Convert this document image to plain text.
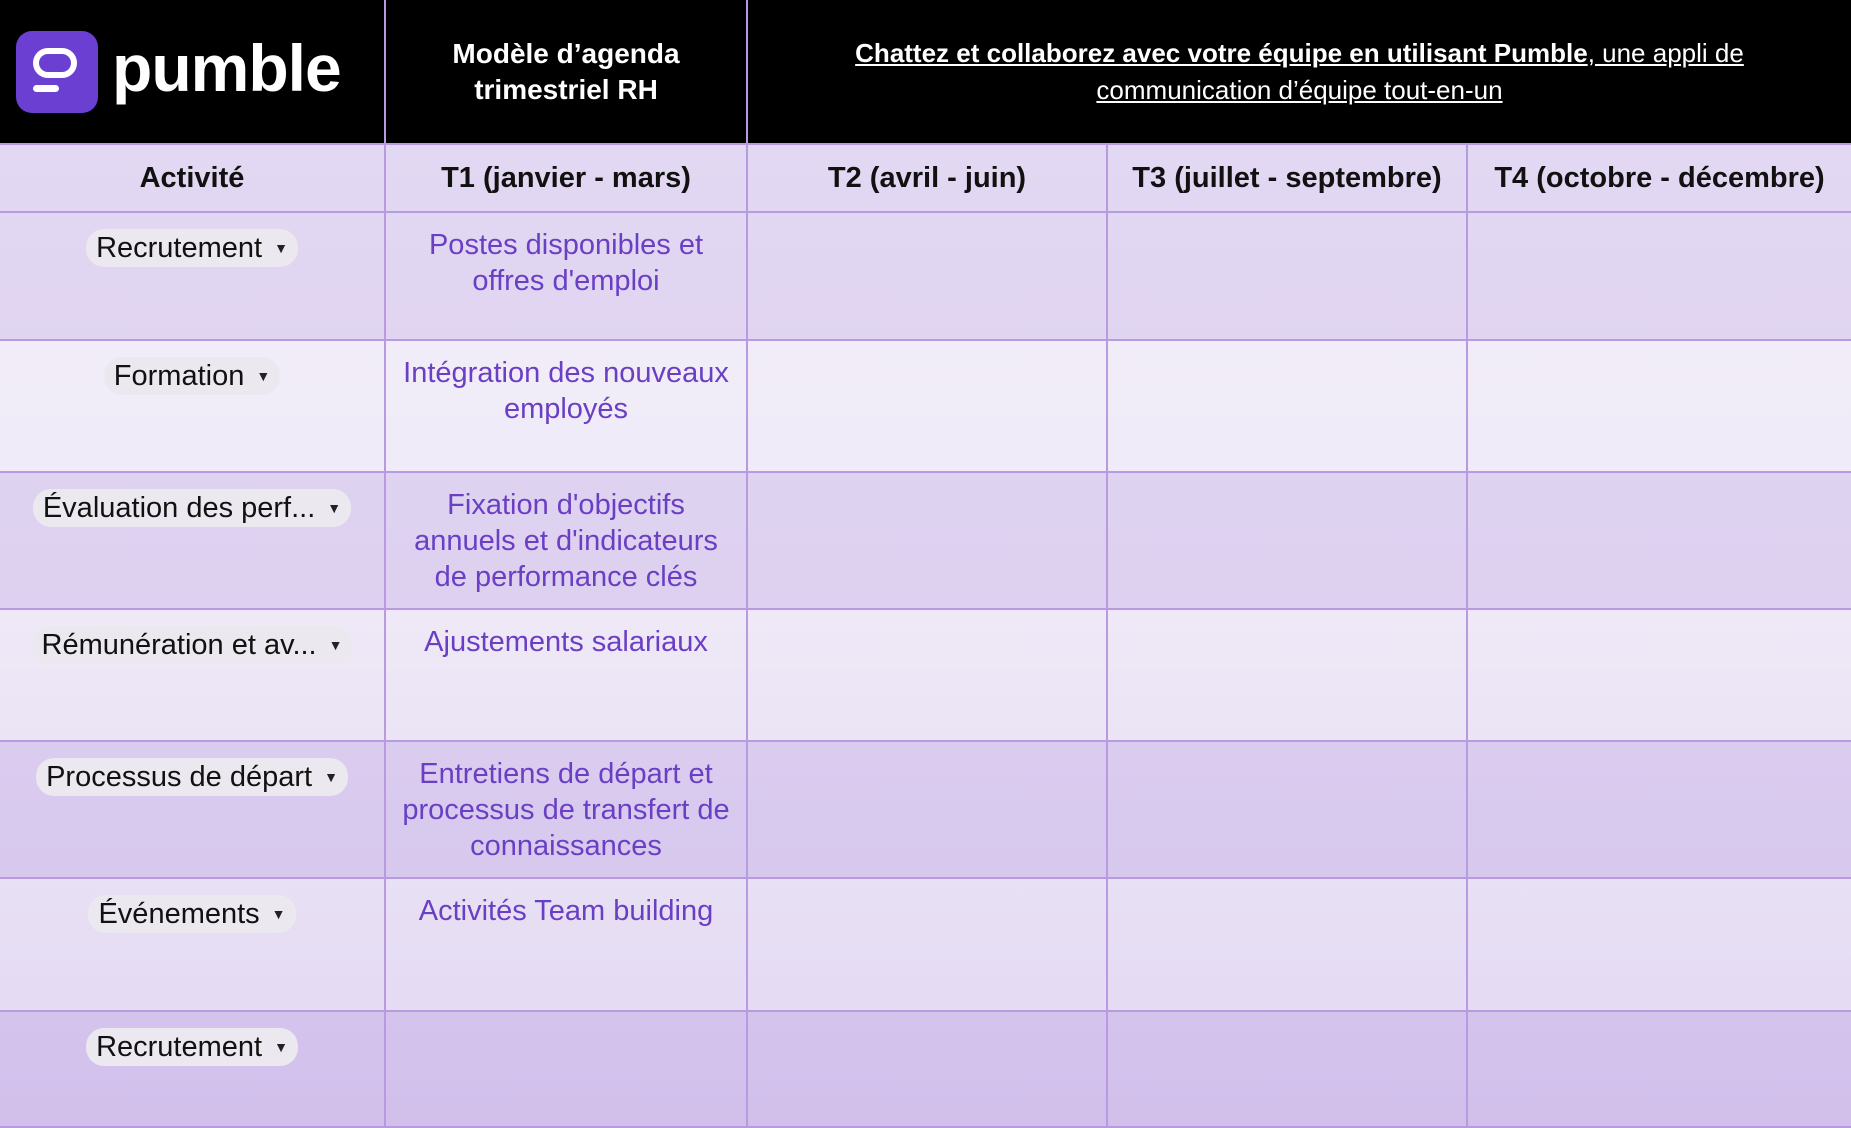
pumble	Modèle d’agenda trimestriel RH
Chattez et collaborez avec votre équipe en utilisant Pumble, une appli de communication d’équipe tout-en-un
Activité	T1 (janvier - mars)	T2 (avril - juin)	T3 (juillet - septembre)	T4 (octobre - décembre)
Recrutement ▼	Postes disponibles et offres d'emploi
Formation ▼	Intégration des nouveaux employés
Évaluation des perf... ▼	Fixation d'objectifs annuels et d'indicateurs de performance clés
Rémunération et av... ▼	Ajustements salariaux
Processus de départ ▼	Entretiens de départ et processus de transfert de connaissances
Événements ▼	Activités Team building
Recrutement ▼
